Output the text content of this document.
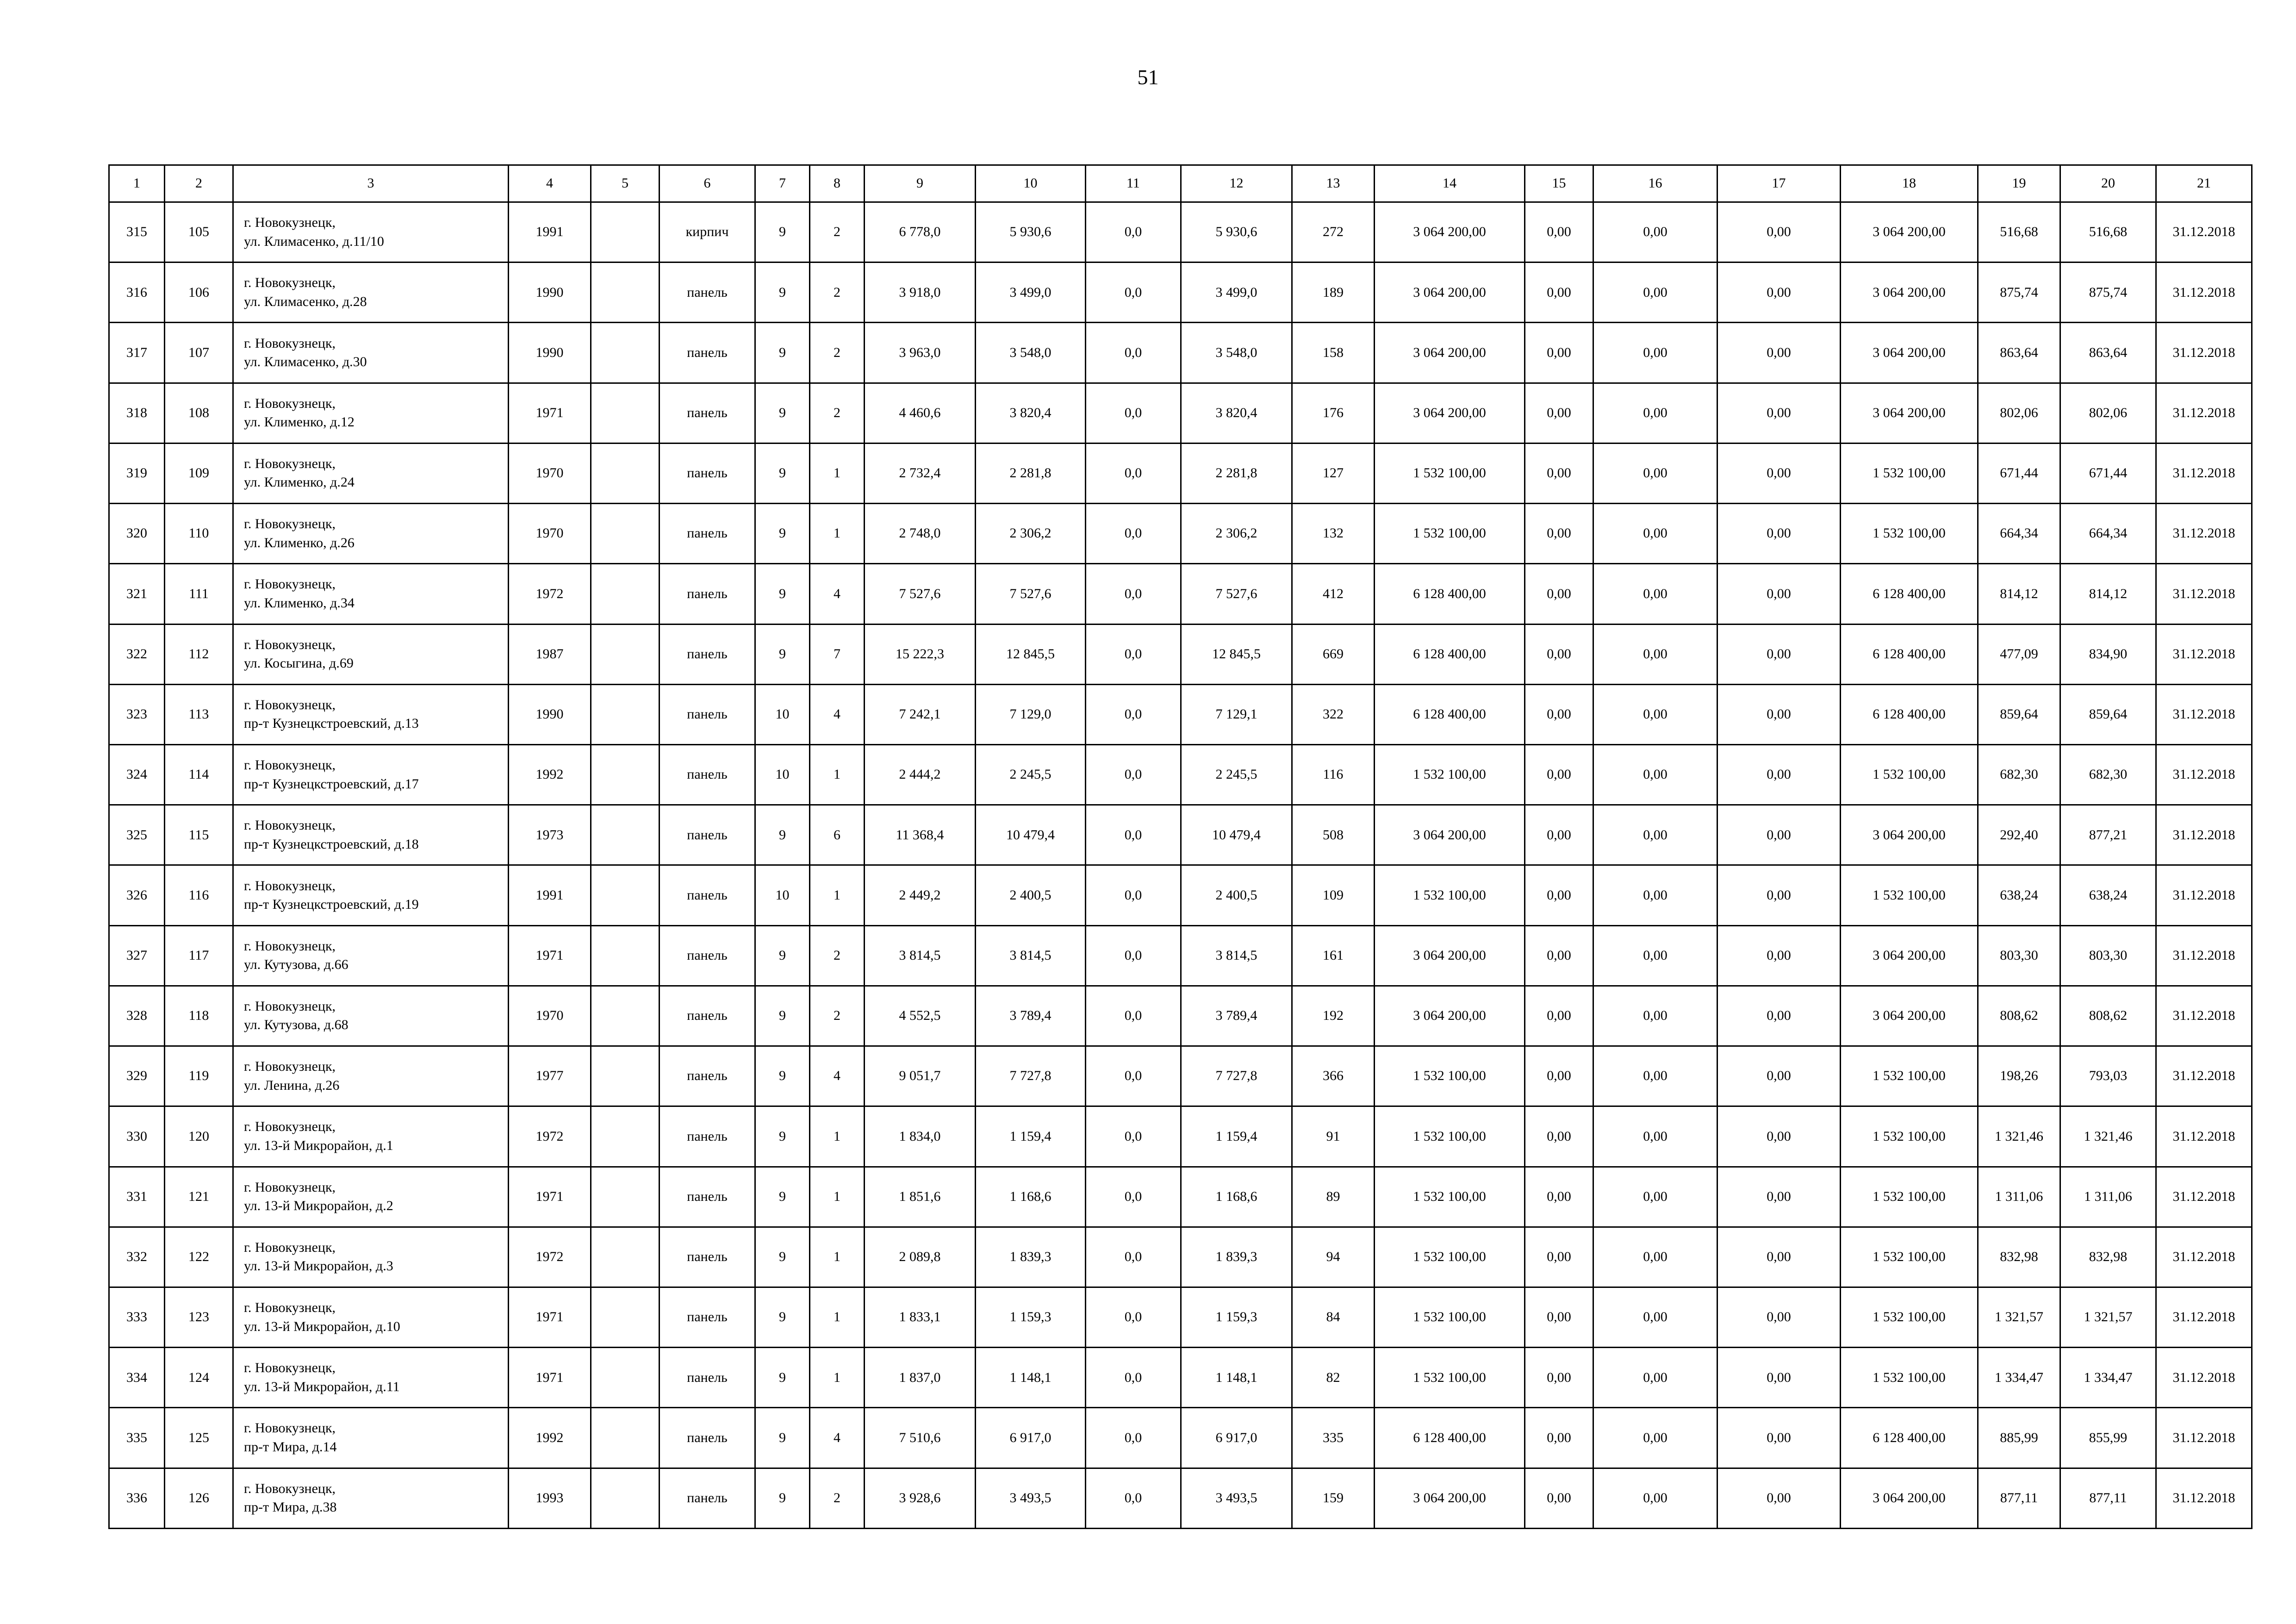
51
1	2	3	4	5	6	7	8	9	10	11	12	13	14	15	16	17	18	19	20	21
315	105	г. Новокузнецк,
ул. Климасенко, д.11/10	1991		кирпич	9	2	6 778,0	5 930,6	0,0	5 930,6	272	3 064 200,00	0,00	0,00	0,00	3 064 200,00	516,68	516,68	31.12.2018
316	106	г. Новокузнецк,
ул. Климасенко, д.28	1990		панель	9	2	3 918,0	3 499,0	0,0	3 499,0	189	3 064 200,00	0,00	0,00	0,00	3 064 200,00	875,74	875,74	31.12.2018
317	107	г. Новокузнецк,
ул. Климасенко, д.30	1990		панель	9	2	3 963,0	3 548,0	0,0	3 548,0	158	3 064 200,00	0,00	0,00	0,00	3 064 200,00	863,64	863,64	31.12.2018
318	108	г. Новокузнецк,
ул. Клименко, д.12	1971		панель	9	2	4 460,6	3 820,4	0,0	3 820,4	176	3 064 200,00	0,00	0,00	0,00	3 064 200,00	802,06	802,06	31.12.2018
319	109	г. Новокузнецк,
ул. Клименко, д.24	1970		панель	9	1	2 732,4	2 281,8	0,0	2 281,8	127	1 532 100,00	0,00	0,00	0,00	1 532 100,00	671,44	671,44	31.12.2018
320	110	г. Новокузнецк,
ул. Клименко, д.26	1970		панель	9	1	2 748,0	2 306,2	0,0	2 306,2	132	1 532 100,00	0,00	0,00	0,00	1 532 100,00	664,34	664,34	31.12.2018
321	111	г. Новокузнецк,
ул. Клименко, д.34	1972		панель	9	4	7 527,6	7 527,6	0,0	7 527,6	412	6 128 400,00	0,00	0,00	0,00	6 128 400,00	814,12	814,12	31.12.2018
322	112	г. Новокузнецк,
ул. Косыгина, д.69	1987		панель	9	7	15 222,3	12 845,5	0,0	12 845,5	669	6 128 400,00	0,00	0,00	0,00	6 128 400,00	477,09	834,90	31.12.2018
323	113	г. Новокузнецк,
пр-т Кузнецкстроевский, д.13	1990		панель	10	4	7 242,1	7 129,0	0,0	7 129,1	322	6 128 400,00	0,00	0,00	0,00	6 128 400,00	859,64	859,64	31.12.2018
324	114	г. Новокузнецк,
пр-т Кузнецкстроевский, д.17	1992		панель	10	1	2 444,2	2 245,5	0,0	2 245,5	116	1 532 100,00	0,00	0,00	0,00	1 532 100,00	682,30	682,30	31.12.2018
325	115	г. Новокузнецк,
пр-т Кузнецкстроевский, д.18	1973		панель	9	6	11 368,4	10 479,4	0,0	10 479,4	508	3 064 200,00	0,00	0,00	0,00	3 064 200,00	292,40	877,21	31.12.2018
326	116	г. Новокузнецк,
пр-т Кузнецкстроевский, д.19	1991		панель	10	1	2 449,2	2 400,5	0,0	2 400,5	109	1 532 100,00	0,00	0,00	0,00	1 532 100,00	638,24	638,24	31.12.2018
327	117	г. Новокузнецк,
ул. Кутузова, д.66	1971		панель	9	2	3 814,5	3 814,5	0,0	3 814,5	161	3 064 200,00	0,00	0,00	0,00	3 064 200,00	803,30	803,30	31.12.2018
328	118	г. Новокузнецк,
ул. Кутузова, д.68	1970		панель	9	2	4 552,5	3 789,4	0,0	3 789,4	192	3 064 200,00	0,00	0,00	0,00	3 064 200,00	808,62	808,62	31.12.2018
329	119	г. Новокузнецк,
ул. Ленина, д.26	1977		панель	9	4	9 051,7	7 727,8	0,0	7 727,8	366	1 532 100,00	0,00	0,00	0,00	1 532 100,00	198,26	793,03	31.12.2018
330	120	г. Новокузнецк,
ул. 13-й Микрорайон, д.1	1972		панель	9	1	1 834,0	1 159,4	0,0	1 159,4	91	1 532 100,00	0,00	0,00	0,00	1 532 100,00	1 321,46	1 321,46	31.12.2018
331	121	г. Новокузнецк,
ул. 13-й Микрорайон, д.2	1971		панель	9	1	1 851,6	1 168,6	0,0	1 168,6	89	1 532 100,00	0,00	0,00	0,00	1 532 100,00	1 311,06	1 311,06	31.12.2018
332	122	г. Новокузнецк,
ул. 13-й Микрорайон, д.3	1972		панель	9	1	2 089,8	1 839,3	0,0	1 839,3	94	1 532 100,00	0,00	0,00	0,00	1 532 100,00	832,98	832,98	31.12.2018
333	123	г. Новокузнецк,
ул. 13-й Микрорайон, д.10	1971		панель	9	1	1 833,1	1 159,3	0,0	1 159,3	84	1 532 100,00	0,00	0,00	0,00	1 532 100,00	1 321,57	1 321,57	31.12.2018
334	124	г. Новокузнецк,
ул. 13-й Микрорайон, д.11	1971		панель	9	1	1 837,0	1 148,1	0,0	1 148,1	82	1 532 100,00	0,00	0,00	0,00	1 532 100,00	1 334,47	1 334,47	31.12.2018
335	125	г. Новокузнецк,
пр-т Мира, д.14	1992		панель	9	4	7 510,6	6 917,0	0,0	6 917,0	335	6 128 400,00	0,00	0,00	0,00	6 128 400,00	885,99	855,99	31.12.2018
336	126	г. Новокузнецк,
пр-т Мира, д.38	1993		панель	9	2	3 928,6	3 493,5	0,0	3 493,5	159	3 064 200,00	0,00	0,00	0,00	3 064 200,00	877,11	877,11	31.12.2018
